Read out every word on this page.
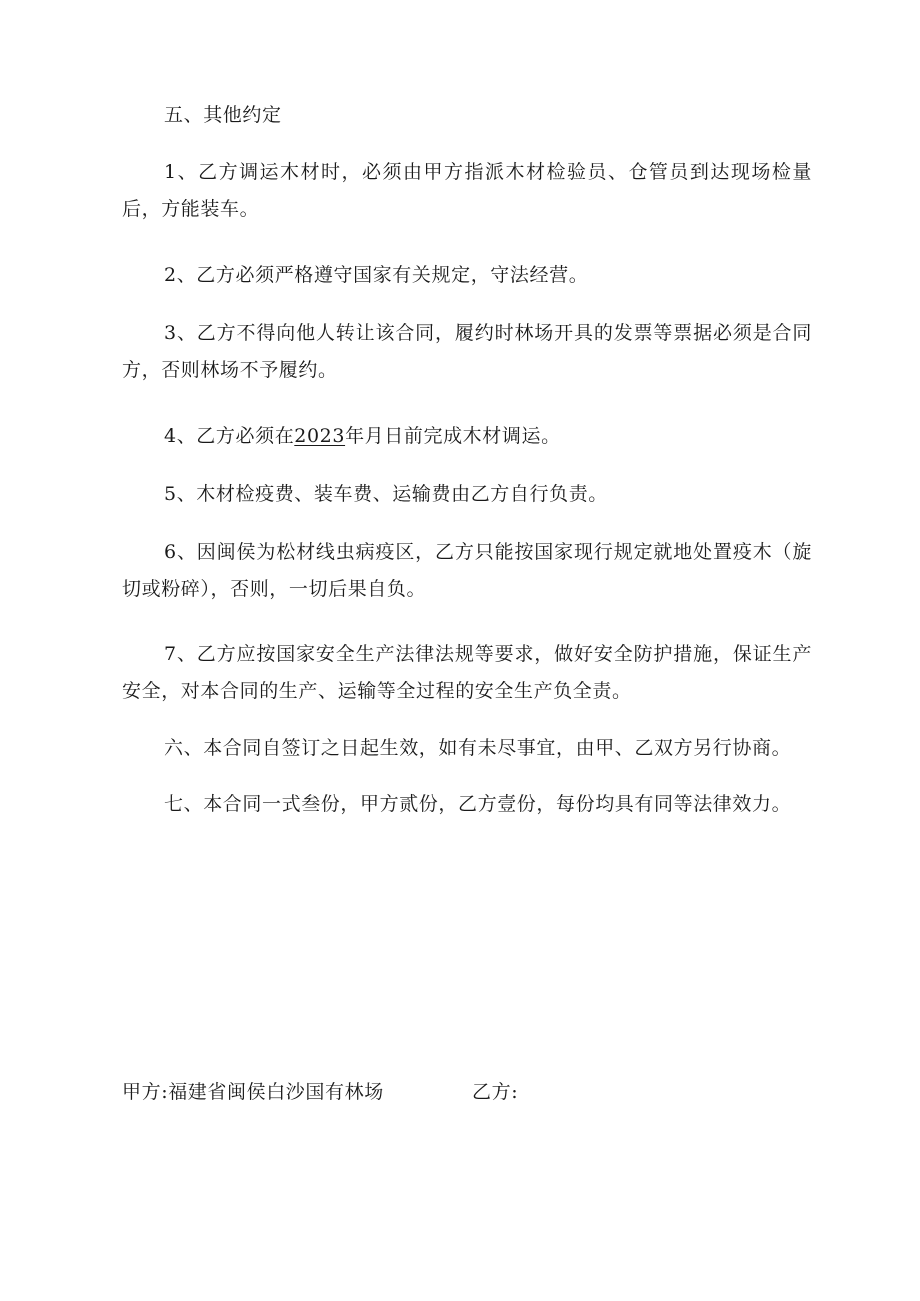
五、其他约定

1、乙方调运木材时，必须由甲方指派木材检验员、仓管员到达现场检量后，方能装车。

2、乙方必须严格遵守国家有关规定，守法经营。

3、乙方不得向他人转让该合同，履约时林场开具的发票等票据必须是合同方，否则林场不予履约。

4、乙方必须在2023年月日前完成木材调运。

5、木材检疫费、装车费、运输费由乙方自行负责。

6、因闽侯为松材线虫病疫区，乙方只能按国家现行规定就地处置疫木（旋切或粉碎），否则，一切后果自负。

7、乙方应按国家安全生产法律法规等要求，做好安全防护措施，保证生产安全，对本合同的生产、运输等全过程的安全生产负全责。

六、本合同自签订之日起生效，如有未尽事宜，由甲、乙双方另行协商。

七、本合同一式叁份，甲方贰份，乙方壹份，每份均具有同等法律效力。

甲方:福建省闽侯白沙国有林场	乙方:
